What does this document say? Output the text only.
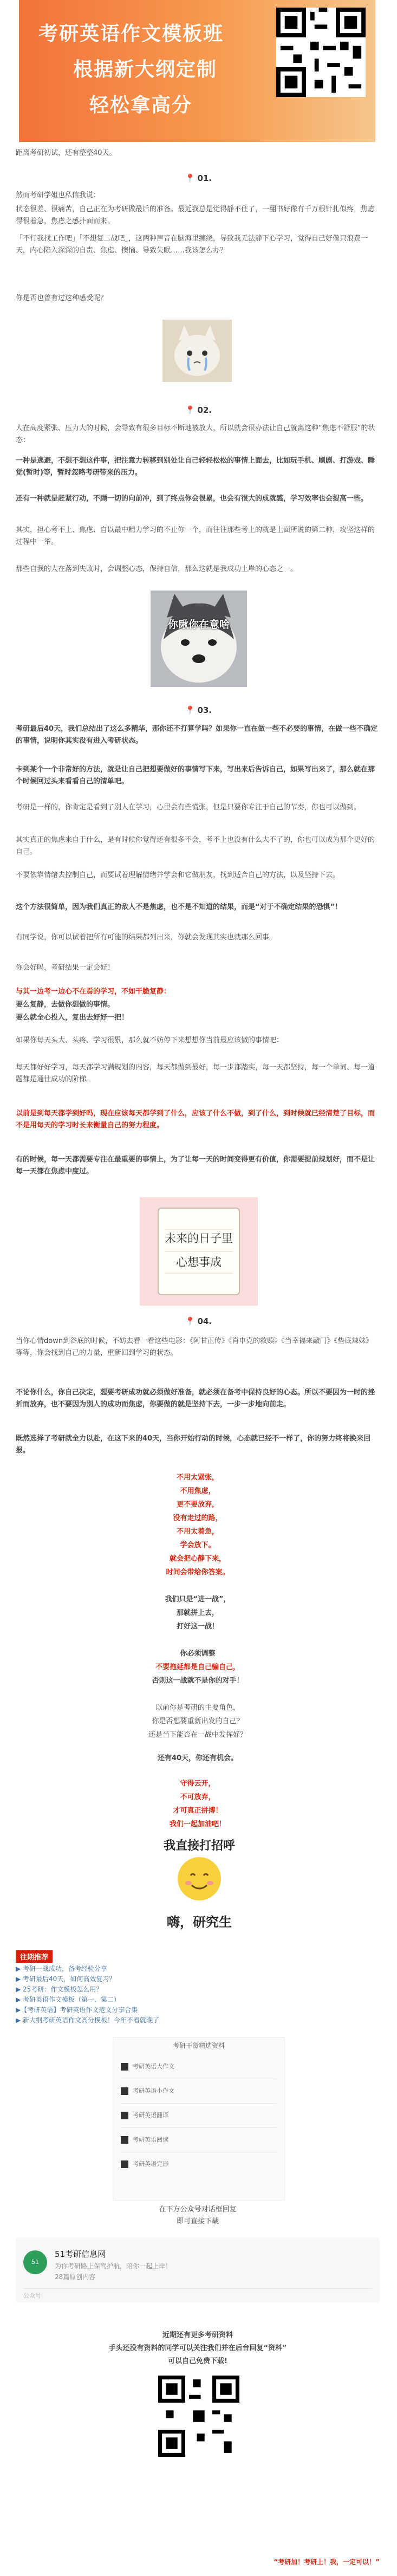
考研英语作文模板班
根据新大纲定制
轻松拿高分
距离考研初试，还有整整40天。
📍 01.
然而考研学姐也私信我说：
状态很差、很痛苦，自己正在为考研做最后的准备。最近我总是觉得静不住了，一翻书好像有千万根针扎似疼，焦虑得很着急，焦虑之感扑面而来。
「不行我找工作吧」「不想复二战吧」，这两种声音在脑海里缠绕，导致我无法静下心学习，觉得自己好像只浪费一天，内心陷入深深的自责、焦虑、懊恼、导致失眠……我该怎么办？
你是否也曾有过这种感受呢？
📍 02.
人在高度紧张、压力大的时候，会导致有很多目标不断地被放大，所以就会很办法让自己就离这种“焦虑不舒服”的状态：
一种是逃避，不想不想这件事，把注意力转移到别处让自己轻轻松松的事情上面去，比如玩手机、刷剧、打游戏、睡觉(暂时)等，暂时忽略考研带来的压力。
还有一种就是赶紧行动，不顾一切的向前冲，到了终点你会很累，也会有很大的成就感，学习效率也会提高一些。
其实，担心考不上、焦虑、自以最中精力学习的不止你一个，而往往那些考上的就是上面所说的第二种，攻坚这样的过程中一举。
那些自我的人在落到失败时，会调整心态，保持自信，那么这就是我成功上岸的心态之一。
你瞅你在意啥
📍 03.
考研最后40天，我们总结出了这么多精华，那你还不打算学吗？如果你一直在做一些不必要的事情，在做一些不确定的事情，说明你其实没有进入考研状态。
卡到某个一个非常好的方法，就是让自己把想要做好的事情写下来，写出来后告诉自己，如果写出来了，那么就在那个时候回过头来看看自己的清单吧。
考研是一样的，你肯定是看到了别人在学习，心里会有些慌张，但是只要你专注于自己的节奏，你也可以做到。
其实真正的焦虑来自于什么，是有时候你觉得还有很多不会，考不上也没有什么大不了的，你也可以成为那个更好的自己。
不要依靠情绪去控制自己，而要试着理解情绪并学会和它做朋友，找到适合自己的方法，以及坚持下去。
这个方法很简单，因为我们真正的敌人不是焦虑，也不是不知道的结果，而是“对于不确定结果的恐惧”！
有同学说，你可以试着把所有可能的结果都列出来，你就会发现其实也就那么回事。
你会好吗，考研结果一定会好！
与其一边考一边心不在焉的学习，不如干脆复静：
要么复静，去做你想做的事情。
要么就全心投入，复出去好好一把！
如果你每天头大、头疼、学习很累，那么就不妨停下来想想你当前最应该做的事情吧：
每天都好好学习，每天都学习满规划的内容，每天都做到最好，每一步都踏实，每一天都坚持，每一个单词、每一道题都是通往成功的阶梯。
以前是到每天都学到好吗，现在应该每天都学到了什么，应该了什么不做，到了什么，到时候就已经清楚了目标，而不是用每天的学习时长来衡量自己的努力程度。
有的时候，每一天都需要专注在最重要的事情上，为了让每一天的时间变得更有价值，你需要提前规划好，而不是让每一天都在焦虑中度过。
未来的日子里 心想事成
📍 04.
当你心情down到谷底的时候，不妨去看一看这些电影：《阿甘正传》《肖申克的救赎》《当幸福来敲门》《垫底辣妹》等等，你会找到自己的力量，重新回到学习的状态。
不论你什么，你自己决定，想要考研成功就必须做好准备，就必须在备考中保持良好的心态。所以不要因为一时的挫折而放弃，也不要因为别人的成功而焦虑，你要做的就是坚持下去，一步一步地向前走。
既然选择了考研就全力以赴，在这下来的40天，当你开始行动的时候，心态就已经不一样了，你的努力终将换来回报。
不用太紧张，
不用焦虑，
更不要放弃，
没有走过的路，
不用太着急，
学会放下。
就会把心静下来，
时间会带给你答案。
我们只是“进一战”，
那就拼上去，
打好这一战！
你必须调整
不要拖延都是自己骗自己，
否则这一战就不是你的对手！
以前你是考研的主要角色，
你是否想要重新出发的自己？
还是当下能否在一战中发挥好？
还有40天，你还有机会。
守得云开，
不可放弃，
才可真正拼搏！
我们一起加油吧！
我直接打招呼
嗨，研究生
往期推荐
▶ 考研一战成功，备考经验分享
▶ 考研最后40天，如何高效复习？
▶ 25考研：作文模板怎么用？
▶ 考研英语作文模板（第一、第二）
▶【考研英语】考研英语作文范文分享合集
▶ 新大纲考研英语作文高分模板！今年不看就晚了
考研干货精选资料
考研英语大作文
考研英语小作文
考研英语翻译
考研英语阅读
考研英语完形
在下方公众号对话框回复
即可直接下载
51
51考研信息网
为你考研路上保驾护航，陪你一起上岸！
28篇原创内容
公众号
近期还有更多考研资料
手头还没有资料的同学可以关注我们并在后台回复“资料”
可以自己免费下载!
“考研加！考研上！我，一定可以！”
